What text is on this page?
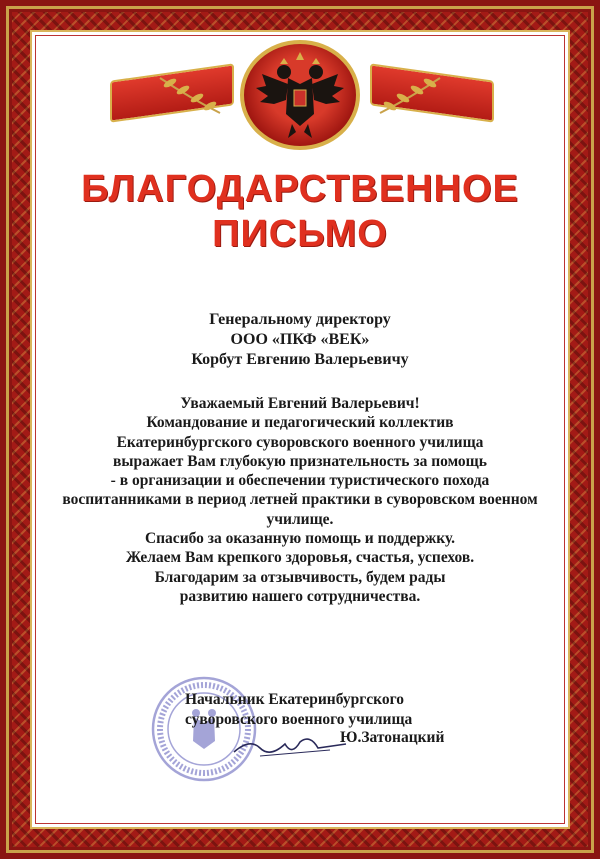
БЛАГОДАРСТВЕННОЕ
ПИСЬМО
Генеральному директору
ООО «ПКФ «ВЕК»
Корбут Евгению Валерьевичу
Уважаемый Евгений Валерьевич!
Командование и педагогический коллектив
Екатеринбургского суворовского военного училища
выражает Вам глубокую признательность за помощь
- в организации и обеспечении туристического похода
воспитанниками в период летней практики в суворовском военном
училище.
Спасибо за оказанную помощь и поддержку.
Желаем Вам крепкого здоровья, счастья, успехов.
Благодарим за отзывчивость, будем рады
развитию нашего сотрудничества.
Начальник Екатеринбургского
суворовского военного училища
Ю.Затонацкий
